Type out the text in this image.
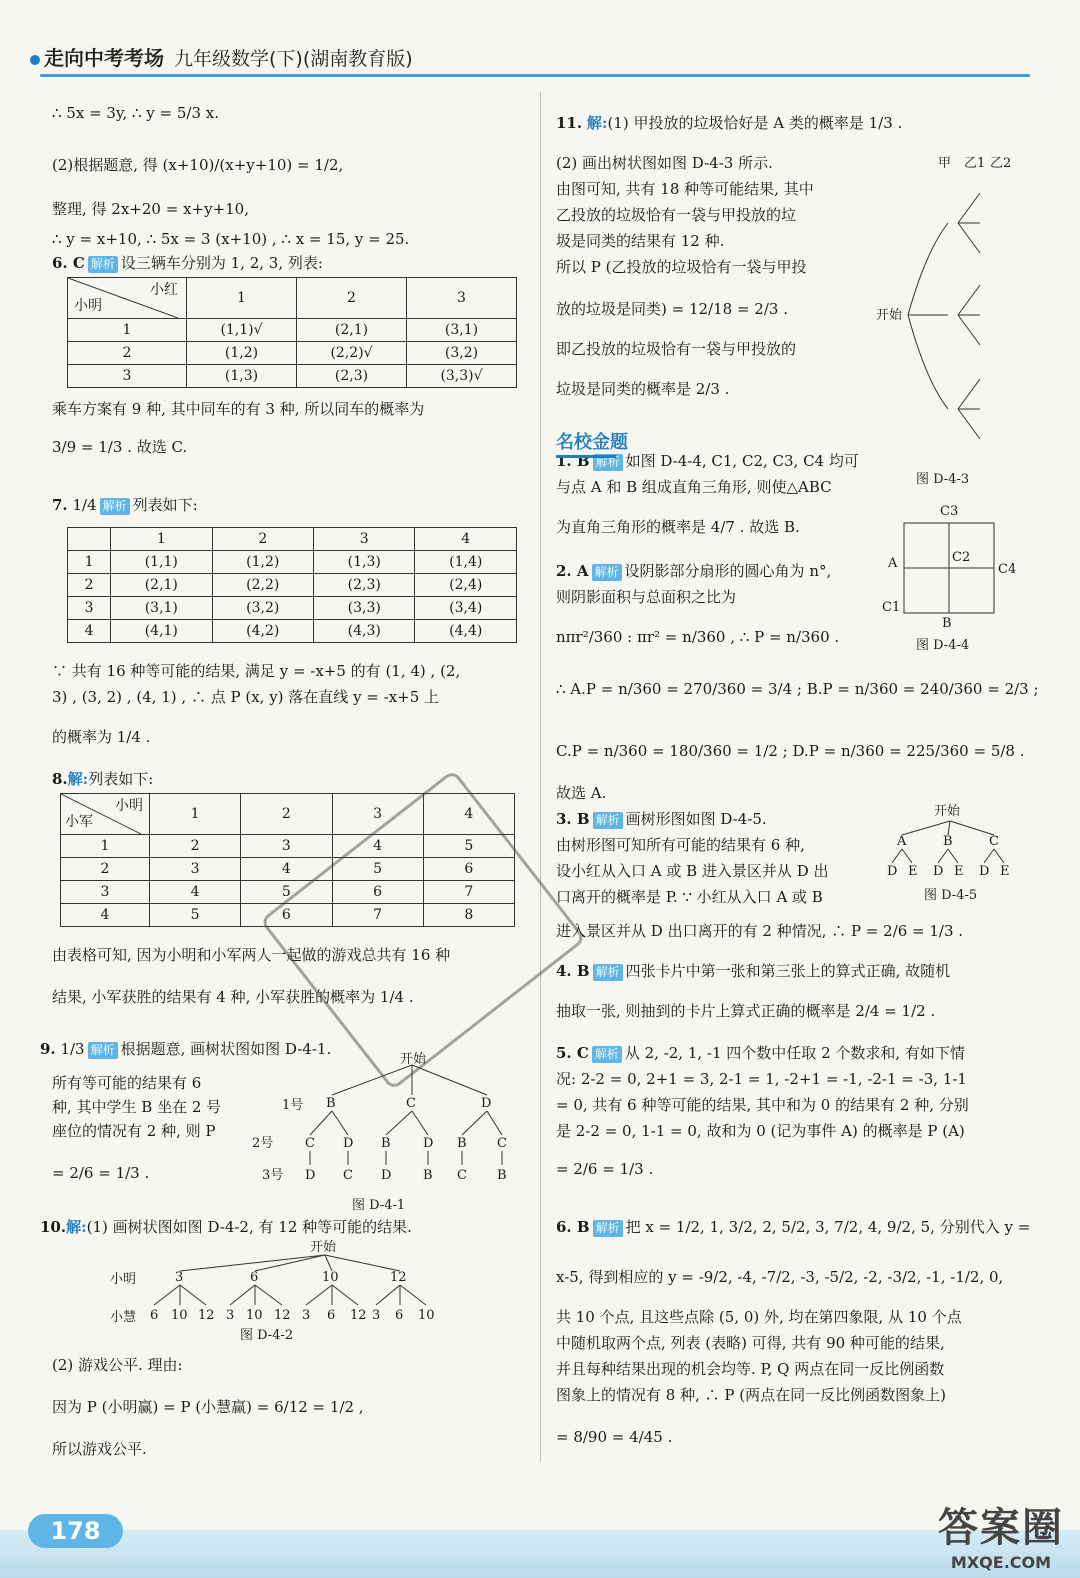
走向中考考场 九年级数学(下)(湖南教育版)
∴ 5x = 3y, ∴ y = 5/3 x.
(2)根据题意, 得 (x+10)/(x+y+10) = 1/2,
整理, 得 2x+20 = x+y+10,
∴ y = x+10, ∴ 5x = 3 (x+10) , ∴ x = 15, y = 25.
6. C 解析 设三辆车分别为 1, 2, 3, 列表:
小红
小明	1	2	3
1	(1,1)√	(2,1)	(3,1)
2	(1,2)	(2,2)√	(3,2)
3	(1,3)	(2,3)	(3,3)√
乘车方案有 9 种, 其中同车的有 3 种, 所以同车的概率为
3/9 = 1/3 . 故选 C.
7. 1/4 解析 列表如下:
	1	2	3	4
1	(1,1)	(1,2)	(1,3)	(1,4)
2	(2,1)	(2,2)	(2,3)	(2,4)
3	(3,1)	(3,2)	(3,3)	(3,4)
4	(4,1)	(4,2)	(4,3)	(4,4)
∵ 共有 16 种等可能的结果, 满足 y = -x+5 的有 (1, 4) , (2,
3) , (3, 2) , (4, 1) , ∴ 点 P (x, y) 落在直线 y = -x+5 上
的概率为 1/4 .
8.解:列表如下:
小明
小军	1	2	3	4
1	2	3	4	5
2	3	4	5	6
3	4	5	6	7
4	5	6	7	8
由表格可知, 因为小明和小军两人一起做的游戏总共有 16 种
结果, 小军获胜的结果有 4 种, 小军获胜的概率为 1/4 .
9. 1/3 解析 根据题意, 画树状图如图 D-4-1.
所有等可能的结果有 6
种, 其中学生 B 坐在 2 号
座位的情况有 2 种, 则 P
= 2/6 = 1/3 .
开始
B	C	D
C D B D B C
D C D B C B
1号
2号
3号
图 D-4-1
10.解:(1) 画树状图如图 D-4-2, 有 12 种等可能的结果.
开始
小明
小慧
3	6	10	12
6 10 12 3 10 12 3 6 12 3 6 10
图 D-4-2
(2) 游戏公平. 理由:
因为 P (小明赢) = P (小慧赢) = 6/12 = 1/2 ,
所以游戏公平.
11. 解:(1) 甲投放的垃圾恰好是 A 类的概率是 1/3 .
(2) 画出树状图如图 D-4-3 所示.
由图可知, 共有 18 种等可能结果, 其中
乙投放的垃圾恰有一袋与甲投放的垃
圾是同类的结果有 12 种.
所以 P (乙投放的垃圾恰有一袋与甲投
放的垃圾是同类) = 12/18 = 2/3 .
即乙投放的垃圾恰有一袋与甲投放的
垃圾是同类的概率是 2/3 .
甲 乙1 乙2
开始
图 D-4-3
1. B 解析 如图 D-4-4, C1, C2, C3, C4 均可
与点 A 和 B 组成直角三角形, 则使△ABC
为直角三角形的概率是 4/7 . 故选 B.
C3
C2
C4
C1
A
B
图 D-4-4
2. A 解析 设阴影部分扇形的圆心角为 n°,
则阴影面积与总面积之比为
nπr²/360 : πr² = n/360 , ∴ P = n/360 .
∴ A.P = n/360 = 270/360 = 3/4 ; B.P = n/360 = 240/360 = 2/3 ;
C.P = n/360 = 180/360 = 1/2 ; D.P = n/360 = 225/360 = 5/8 .
故选 A.
3. B 解析 画树形图如图 D-4-5.
由树形图可知所有可能的结果有 6 种,
设小红从入口 A 或 B 进入景区并从 D 出
口离开的概率是 P. ∵ 小红从入口 A 或 B
进入景区并从 D 出口离开的有 2 种情况, ∴ P = 2/6 = 1/3 .
开始
A	B	C
D E D E D E
图 D-4-5
4. B 解析 四张卡片中第一张和第三张上的算式正确, 故随机
抽取一张, 则抽到的卡片上算式正确的概率是 2/4 = 1/2 .
5. C 解析 从 2, -2, 1, -1 四个数中任取 2 个数求和, 有如下情
况: 2-2 = 0, 2+1 = 3, 2-1 = 1, -2+1 = -1, -2-1 = -3, 1-1
= 0, 共有 6 种等可能的结果, 其中和为 0 的结果有 2 种, 分别
是 2-2 = 0, 1-1 = 0, 故和为 0 (记为事件 A) 的概率是 P (A)
= 2/6 = 1/3 .
6. B 解析 把 x = 1/2, 1, 3/2, 2, 5/2, 3, 7/2, 4, 9/2, 5, 分别代入 y =
x-5, 得到相应的 y = -9/2, -4, -7/2, -3, -5/2, -2, -3/2, -1, -1/2, 0,
共 10 个点, 且这些点除 (5, 0) 外, 均在第四象限, 从 10 个点
中随机取两个点, 列表 (表略) 可得, 共有 90 种可能的结果,
并且每种结果出现的机会均等. P, Q 两点在同一反比例函数
图象上的情况有 8 种, ∴ P (两点在同一反比例函数图象上)
= 8/90 = 4/45 .
名校金题
178	答案圈
MXQE.COM
